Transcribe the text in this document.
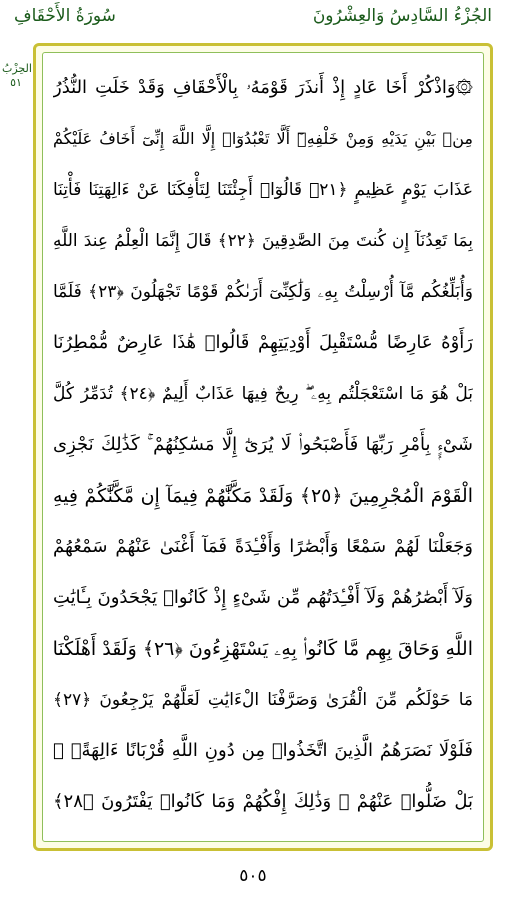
سُورَةُ الأَحْقَافِ	الجُزْءُ السَّادِسُ وَالعِشْرُونَ
الحِزْبُ
٥١	۞وَاذْكُرْ أَخَا عَادٍ إِذْ أَنذَرَ قَوْمَهُۥ بِالْأَحْقَافِ وَقَدْ خَلَتِ النُّذُرُ
مِنۢ بَيْنِ يَدَيْهِ وَمِنْ خَلْفِهِۦٓ أَلَّا تَعْبُدُوٓا۟ إِلَّا اللَّهَ إِنِّىٓ أَخَافُ عَلَيْكُمْ
عَذَابَ يَوْمٍ عَظِيمٍ ﴿٢١﴾ قَالُوٓا۟ أَجِئْتَنَا لِتَأْفِكَنَا عَنْ ءَالِهَتِنَا فَأْتِنَا
بِمَا تَعِدُنَآ إِن كُنتَ مِنَ الصَّٰدِقِينَ ﴿٢٢﴾ قَالَ إِنَّمَا الْعِلْمُ عِندَ اللَّهِ
وَأُبَلِّغُكُم مَّآ أُرْسِلْتُ بِهِۦ وَلَٰكِنِّىٓ أَرَىٰكُمْ قَوْمًا تَجْهَلُونَ ﴿٢٣﴾ فَلَمَّا
رَأَوْهُ عَارِضًا مُّسْتَقْبِلَ أَوْدِيَتِهِمْ قَالُوا۟ هَٰذَا عَارِضٌ مُّمْطِرُنَا
بَلْ هُوَ مَا اسْتَعْجَلْتُم بِهِۦ ۖ رِيحٌ فِيهَا عَذَابٌ أَلِيمٌ ﴿٢٤﴾ تُدَمِّرُ كُلَّ
شَىْءٍۭ بِأَمْرِ رَبِّهَا فَأَصْبَحُوا۟ لَا يُرَىٰٓ إِلَّا مَسَٰكِنُهُمْ ۚ كَذَٰلِكَ نَجْزِى
الْقَوْمَ الْمُجْرِمِينَ ﴿٢٥﴾ وَلَقَدْ مَكَّنَّٰهُمْ فِيمَآ إِن مَّكَّنَّٰكُمْ فِيهِ
وَجَعَلْنَا لَهُمْ سَمْعًا وَأَبْصَٰرًا وَأَفْـِٔدَةً فَمَآ أَغْنَىٰ عَنْهُمْ سَمْعُهُمْ
وَلَآ أَبْصَٰرُهُمْ وَلَآ أَفْـِٔدَتُهُم مِّن شَىْءٍ إِذْ كَانُوا۟ يَجْحَدُونَ بِـَٔايَٰتِ
اللَّهِ وَحَاقَ بِهِم مَّا كَانُوا۟ بِهِۦ يَسْتَهْزِءُونَ ﴿٢٦﴾ وَلَقَدْ أَهْلَكْنَا
مَا حَوْلَكُم مِّنَ الْقُرَىٰ وَصَرَّفْنَا الْءَايَٰتِ لَعَلَّهُمْ يَرْجِعُونَ ﴿٢٧﴾
فَلَوْلَا نَصَرَهُمُ الَّذِينَ اتَّخَذُوا۟ مِن دُونِ اللَّهِ قُرْبَانًا ءَالِهَةًۢ ۖ
بَلْ ضَلُّوا۟ عَنْهُمْ ۚ وَذَٰلِكَ إِفْكُهُمْ وَمَا كَانُوا۟ يَفْتَرُونَ ﴿٢٨﴾
٥٠٥
